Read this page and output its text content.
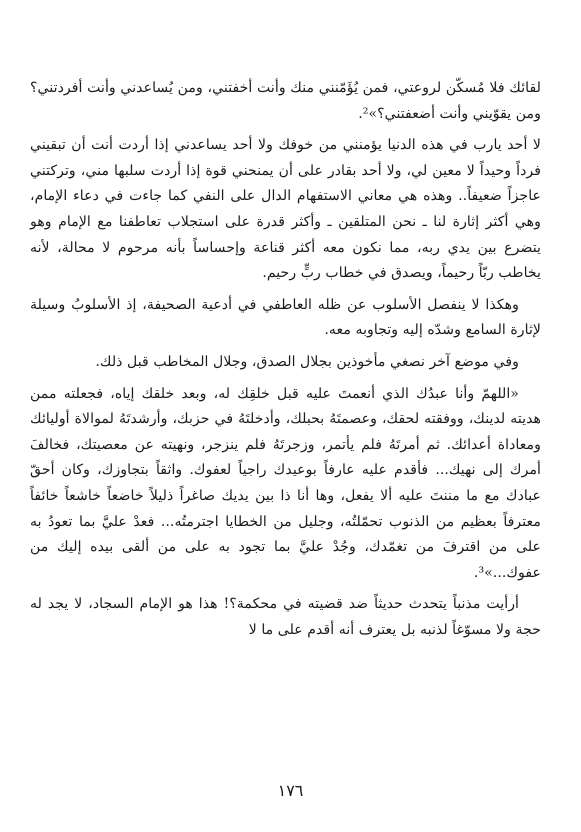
لقائك فلا مُسكّن لروعتي، فمن يُؤَمّنني منك وأنت أخفتني، ومن يُساعدني وأنت أفردتني؟ ومن يقوّيني وأنت أضعفتني؟»².

لا أحد يارب في هذه الدنيا يؤمنني من خوفك ولا أحد يساعدني إذا أردت أنت أن تبقيني فرداً وحيداً لا معين لي، ولا أحد بقادر على أن يمنحني قوة إذا أردت سلبها مني، وتركتني عاجزاً ضعيفاً.. وهذه هي معاني الاستفهام الدال على النفي كما جاءت في دعاء الإمام، وهي أكثر إثارة لنا ـ نحن المتلقين ـ وأكثر قدرة على استجلاب تعاطفنا مع الإمام وهو يتضرع بين يدي ربه، مما نكون معه أكثر قناعة وإحساساً بأنه مرحوم لا محالة، لأنه يخاطب ربّاً رحيماً، ويصدق في خطاب ربٍّ رحيم.

وهكذا لا ينفصل الأسلوب عن ظله العاطفي في أدعية الصحيفة، إذ الأسلوبُ وسيلة لإثارة السامع وشدّه إليه وتجاوبه معه.

وفي موضع آخر نصغي مأخوذين بجلال الصدق، وجلال المخاطب قبل ذلك.

«اللهمّ وأنا عبدُك الذي أنعمتَ عليه قبل خلقِك له، وبعد خلقك إياه، فجعلته ممن هديته لدينك، ووفقته لحقك، وعصمتَهُ بحبلك، وأدخلتَهُ في حزبك، وأرشدتَهُ لموالاة أوليائك ومعاداة أعدائك. ثم أمرتَهُ فلم يأتمر، وزجرتَهُ فلم ينزجر، ونهيته عن معصيتك، فخالفَ أمرك إلى نهيك... فأقدم عليه عارفاً بوعيدك راجياً لعفوك. واثقاً بتجاوزك، وكان أحقّ عبادك مع ما مننتَ عليه ألا يفعل، وها أنا ذا بين يديك صاغراً ذليلاً خاضعاً خاشعاً خائفاً معترفاً بعظيم من الذنوب تحمّلتُه، وجليل من الخطايا اجترمتُه... فعدْ عليَّ بما تعودُ به على من اقترفَ من تغمّدك، وجُدْ عليَّ بما تجود به على من ألقى بيده إليك من عفوك...»³.

أرأيت مذنباً يتحدث حديثاً ضد قضيته في محكمة؟! هذا هو الإمام السجاد، لا يجد له حجة ولا مسوّغاً لذنبه بل يعترف أنه أقدم على ما لا

١٧٦
